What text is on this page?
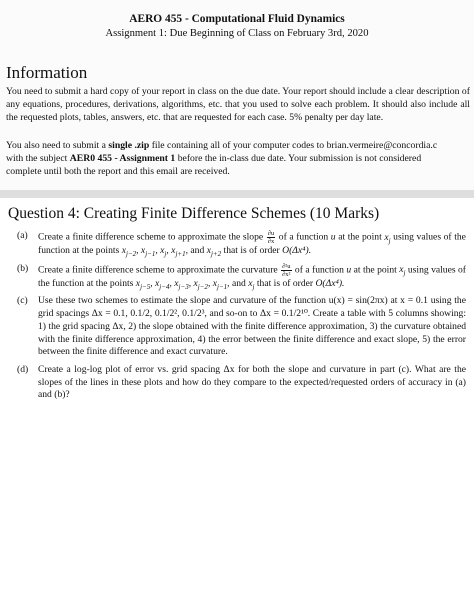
AERO 455 - Computational Fluid Dynamics
Assignment 1: Due Beginning of Class on February 3rd, 2020
Information

You need to submit a hard copy of your report in class on the due date. Your report should include a clear description of any equations, procedures, derivations, algorithms, etc. that you used to solve each problem. It should also include all the requested plots, tables, answers, etc. that are requested for each case. 5% penalty per day late.

You also need to submit a single .zip file containing all of your computer codes to brian.vermeire@concordia.c
with the subject AER0 455 - Assignment 1 before the in-class due date. Your submission is not considered
complete until both the report and this email are received.
Question 4: Creating Finite Difference Schemes (10 Marks)
(a) Create a finite difference scheme to approximate the slope $\frac{\partial u}{\partial x}$ of a function u at the point $x_j$ using values of the function at the points $x_{j-2}$, $x_{j-1}$, $x_j$, $x_{j+1}$, and $x_{j+2}$ that is of order O(Δx⁴).

(b) Create a finite difference scheme to approximate the curvature $\frac{\text{∂²u}}{\text{∂x²}}$ of a function u at the point $x_j$ using values of the function at the points $x_{j-5}$, $x_{j-4}$, $x_{j-3}$, $x_{j-2}$, $x_{j-1}$, and $x_j$ that is of order O(Δx⁴).

(c) Use these two schemes to estimate the slope and curvature of the function u(x) = sin(2πx) at x = 0.1 using the grid spacings Δx = 0.1, 0.1/2, 0.1/2², 0.1/2³, and so-on to Δx = 0.1/2¹⁰. Create a table with 5 columns showing: 1) the grid spacing Δx, 2) the slope obtained with the finite difference approximation, 3) the curvature obtained with the finite difference approximation, 4) the error between the finite difference and exact slope, 5) the error between the finite difference and exact curvature.

(d) Create a log-log plot of error vs. grid spacing Δx for both the slope and curvature in part (c). What are the slopes of the lines in these plots and how do they compare to the expected/requested orders of accuracy in (a) and (b)?
